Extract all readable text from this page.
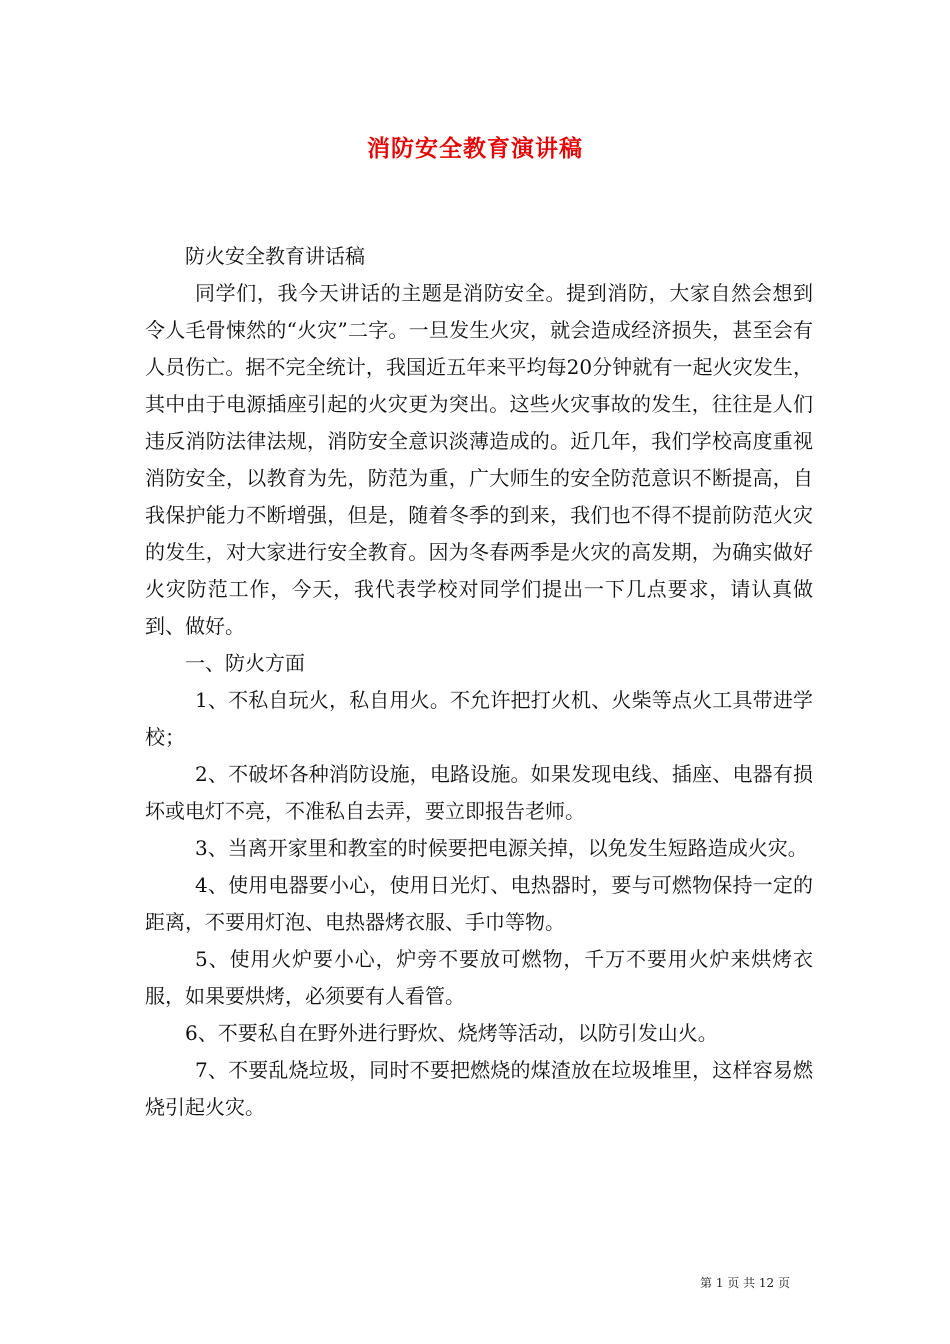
消防安全教育演讲稿

防火安全教育讲话稿

同学们，我今天讲话的主题是消防安全。提到消防，大家自然会想到令人毛骨悚然的“火灾”二字。一旦发生火灾，就会造成经济损失，甚至会有人员伤亡。据不完全统计，我国近五年来平均每20分钟就有一起火灾发生，其中由于电源插座引起的火灾更为突出。这些火灾事故的发生，往往是人们违反消防法律法规，消防安全意识淡薄造成的。近几年，我们学校高度重视消防安全，以教育为先，防范为重，广大师生的安全防范意识不断提高，自我保护能力不断增强，但是，随着冬季的到来，我们也不得不提前防范火灾的发生，对大家进行安全教育。因为冬春两季是火灾的高发期，为确实做好火灾防范工作，今天，我代表学校对同学们提出一下几点要求，请认真做到、做好。

一、防火方面

1、不私自玩火，私自用火。不允许把打火机、火柴等点火工具带进学校；

2、不破坏各种消防设施，电路设施。如果发现电线、插座、电器有损坏或电灯不亮，不准私自去弄，要立即报告老师。

3、当离开家里和教室的时候要把电源关掉，以免发生短路造成火灾。

4、使用电器要小心，使用日光灯、电热器时，要与可燃物保持一定的距离，不要用灯泡、电热器烤衣服、手巾等物。

5、使用火炉要小心，炉旁不要放可燃物，千万不要用火炉来烘烤衣服，如果要烘烤，必须要有人看管。

6、不要私自在野外进行野炊、烧烤等活动，以防引发山火。

7、不要乱烧垃圾，同时不要把燃烧的煤渣放在垃圾堆里，这样容易燃烧引起火灾。

第 1 页 共 12 页
